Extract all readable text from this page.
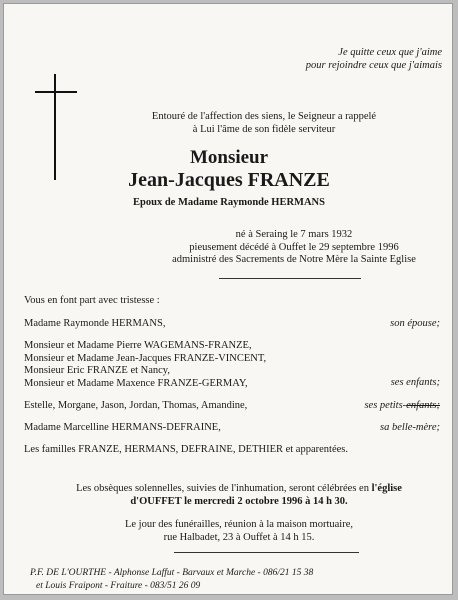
Je quitte ceux que j'aime
pour rejoindre ceux que j'aimais
Entouré de l'affection des siens, le Seigneur a rappelé
à Lui l'âme de son fidèle serviteur
Monsieur
Jean-Jacques FRANZE
Epoux de Madame Raymonde HERMANS
né à Seraing le 7 mars 1932
pieusement décédé à Ouffet le 29 septembre 1996
administré des Sacrements de Notre Mère la Sainte Eglise
Vous en font part avec tristesse :
Madame Raymonde HERMANS,	son épouse;
Monsieur et Madame Pierre WAGEMANS-FRANZE,
Monsieur et Madame Jean-Jacques FRANZE-VINCENT,
Monsieur Eric FRANZE et Nancy,
Monsieur et Madame Maxence FRANZE-GERMAY,	ses enfants;
Estelle, Morgane, Jason, Jordan, Thomas, Amandine,	ses petits-enfants;
Madame Marcelline HERMANS-DEFRAINE,	sa belle-mère;
Les familles FRANZE, HERMANS, DEFRAINE, DETHIER et apparentées.
Les obsèques solennelles, suivies de l'inhumation, seront célébrées en l'église
d'OUFFET le mercredi 2 octobre 1996 à 14 h 30.
Le jour des funérailles, réunion à la maison mortuaire,
rue Halbadet, 23 à Ouffet à 14 h 15.
P.F. DE L'OURTHE - Alphonse Laffut - Barvaux et Marche - 086/21 15 38
et Louis Fraipont - Fraiture - 083/51 26 09
